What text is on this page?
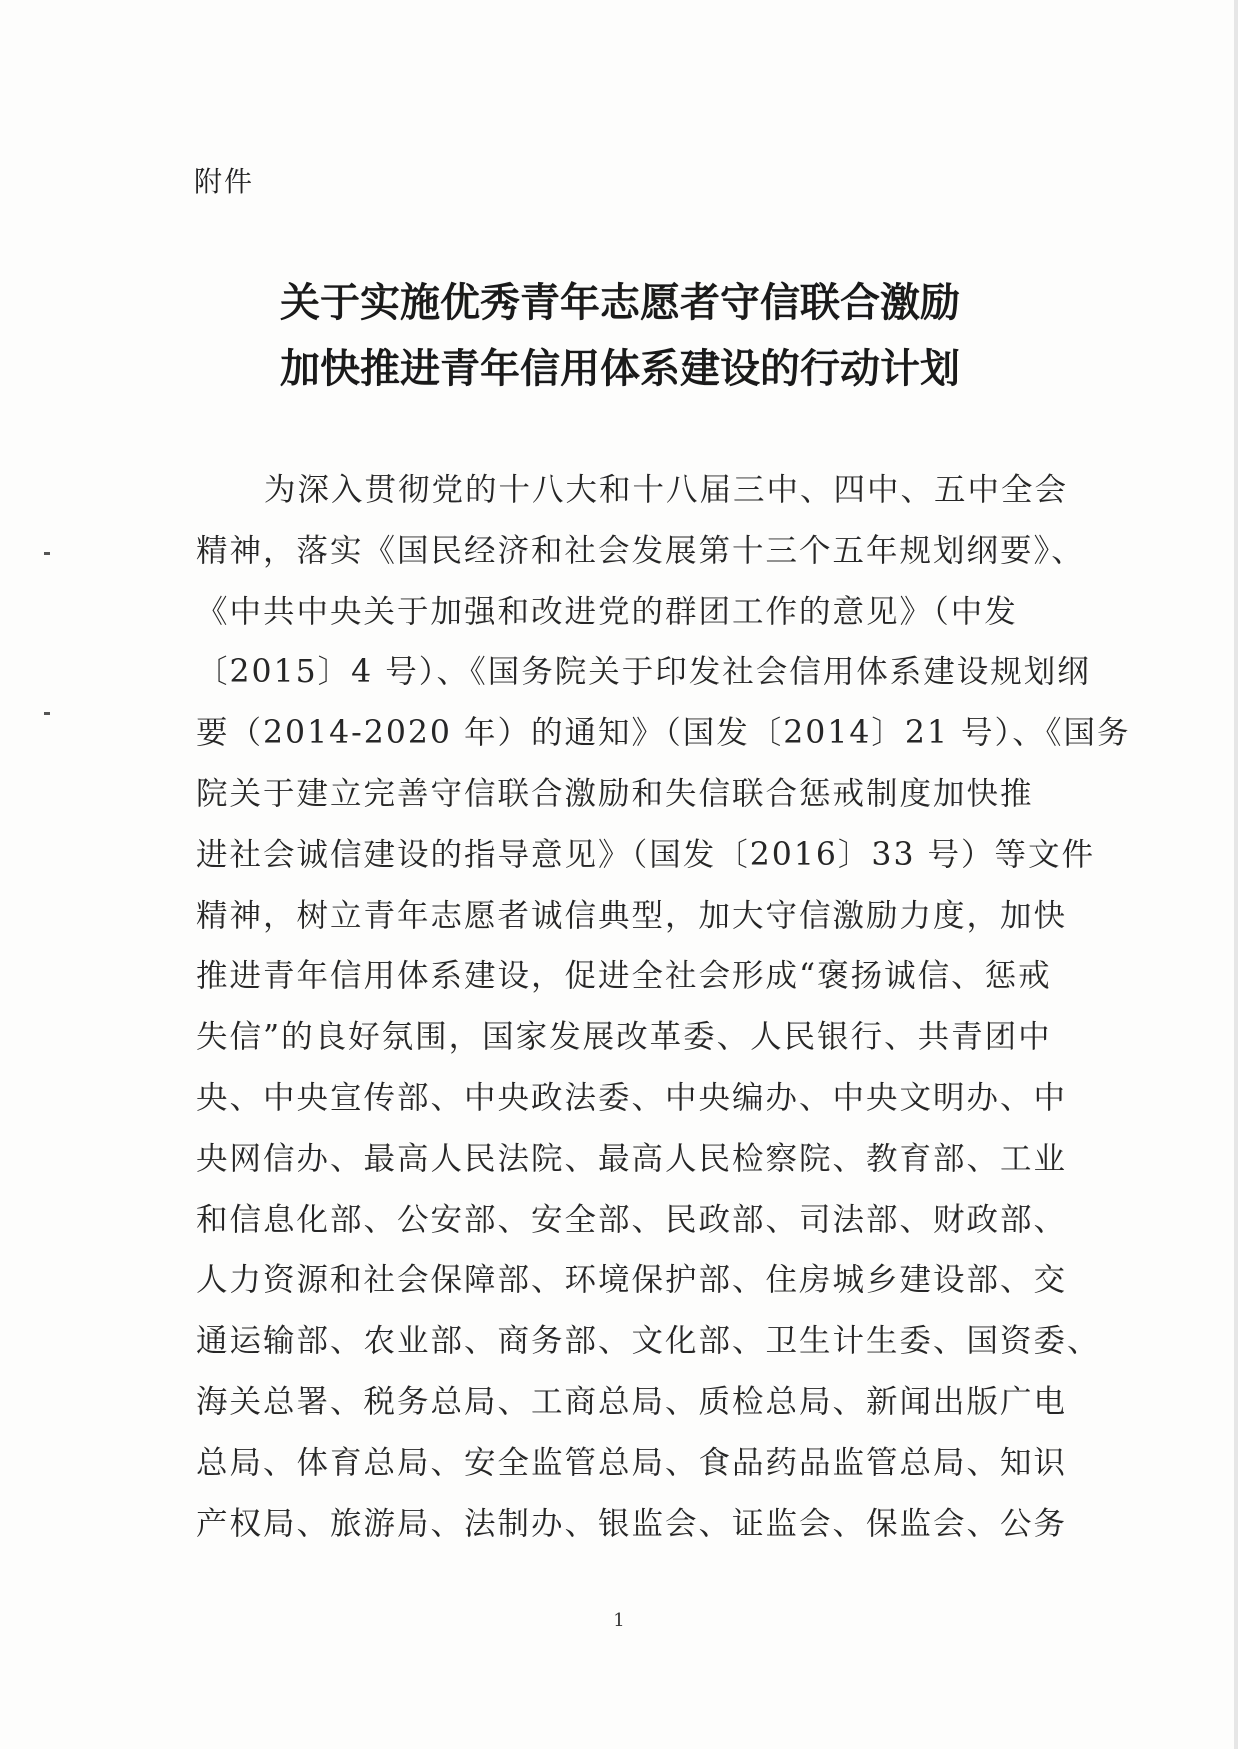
附件
关于实施优秀青年志愿者守信联合激励
加快推进青年信用体系建设的行动计划
为深入贯彻党的十八大和十八届三中、四中、五中全会
精神，落实《国民经济和社会发展第十三个五年规划纲要》、
《中共中央关于加强和改进党的群团工作的意见》（中发
〔2015〕4 号）、《国务院关于印发社会信用体系建设规划纲
要（2014-2020 年）的通知》（国发〔2014〕21 号）、《国务
院关于建立完善守信联合激励和失信联合惩戒制度加快推
进社会诚信建设的指导意见》（国发〔2016〕33 号）等文件
精神，树立青年志愿者诚信典型，加大守信激励力度，加快
推进青年信用体系建设，促进全社会形成“褒扬诚信、惩戒
失信”的良好氛围，国家发展改革委、人民银行、共青团中
央、中央宣传部、中央政法委、中央编办、中央文明办、中
央网信办、最高人民法院、最高人民检察院、教育部、工业
和信息化部、公安部、安全部、民政部、司法部、财政部、
人力资源和社会保障部、环境保护部、住房城乡建设部、交
通运输部、农业部、商务部、文化部、卫生计生委、国资委、
海关总署、税务总局、工商总局、质检总局、新闻出版广电
总局、体育总局、安全监管总局、食品药品监管总局、知识
产权局、旅游局、法制办、银监会、证监会、保监会、公务
1
